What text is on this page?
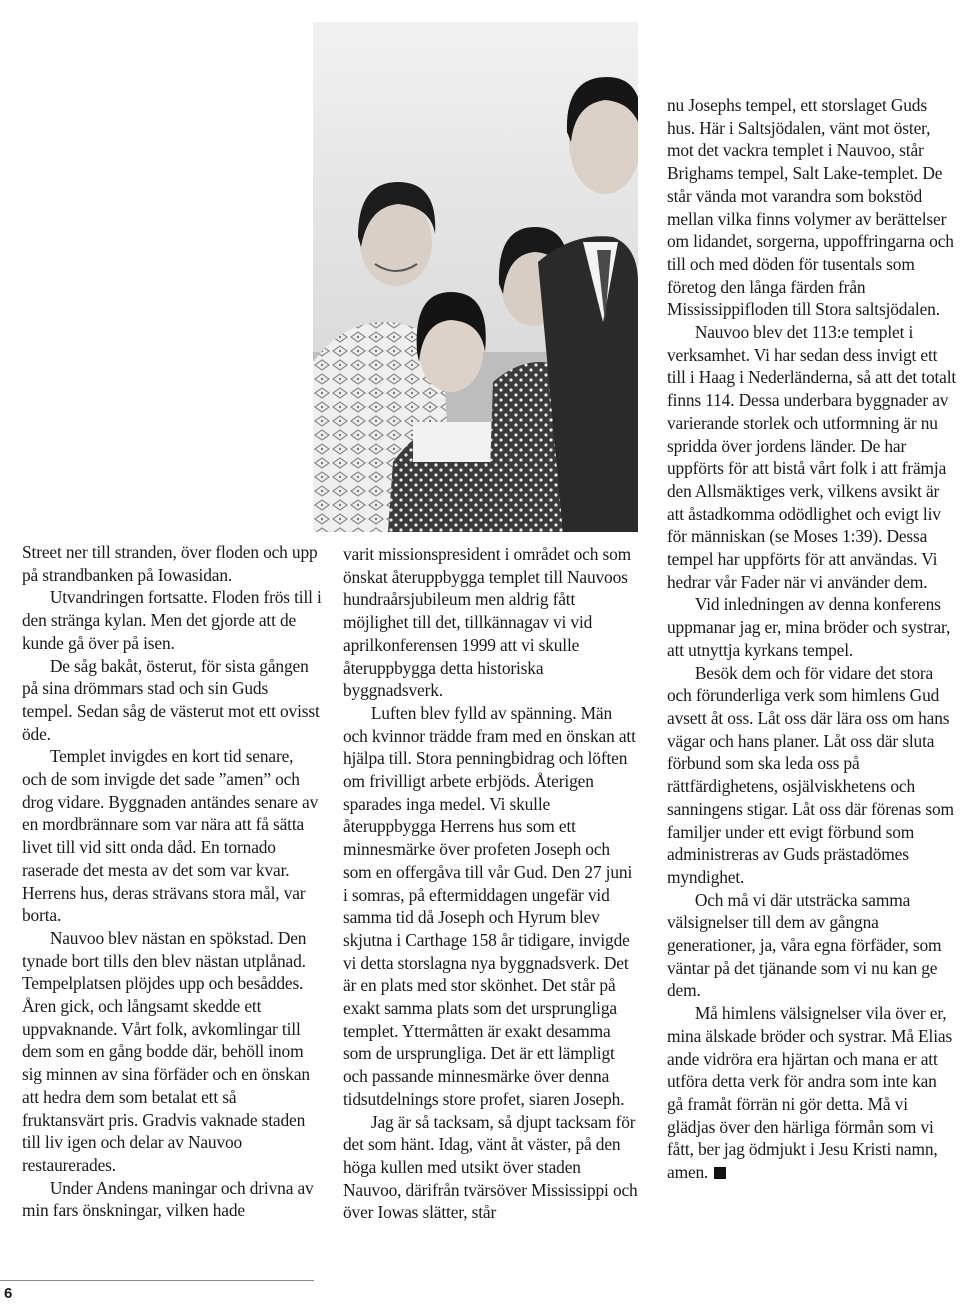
Street ner till stranden, över floden och upp på strandbanken på Iowasidan.

Utvandringen fortsatte. Floden frös till i den stränga kylan. Men det gjorde att de kunde gå över på isen.

De såg bakåt, österut, för sista gången på sina drömmars stad och sin Guds tempel. Sedan såg de västerut mot ett ovisst öde.

Templet invigdes en kort tid senare, och de som invigde det sade ”amen” och drog vidare. Byggnaden antändes senare av en mordbrännare som var nära att få sätta livet till vid sitt onda dåd. En tornado raserade det mesta av det som var kvar. Herrens hus, deras strävans stora mål, var borta.

Nauvoo blev nästan en spökstad. Den tynade bort tills den blev nästan utplånad. Tempelplatsen plöjdes upp och besåddes. Åren gick, och långsamt skedde ett uppvaknande. Vårt folk, avkomlingar till dem som en gång bodde där, behöll inom sig minnen av sina förfäder och en önskan att hedra dem som betalat ett så fruktansvärt pris. Gradvis vaknade staden till liv igen och delar av Nauvoo restaurerades.

Under Andens maningar och drivna av min fars önskningar, vilken hade

varit missionspresident i området och som önskat återuppbygga templet till Nauvoos hundraårsjubileum men aldrig fått möjlighet till det, tillkännagav vi vid aprilkonferensen 1999 att vi skulle återuppbygga detta historiska byggnadsverk.

Luften blev fylld av spänning. Män och kvinnor trädde fram med en önskan att hjälpa till. Stora penningbidrag och löften om frivilligt arbete erbjöds. Återigen sparades inga medel. Vi skulle återuppbygga Herrens hus som ett minnesmärke över profeten Joseph och som en offergåva till vår Gud. Den 27 juni i somras, på eftermiddagen ungefär vid samma tid då Joseph och Hyrum blev skjutna i Carthage 158 år tidigare, invigde vi detta storslagna nya byggnadsverk. Det är en plats med stor skönhet. Det står på exakt samma plats som det ursprungliga templet. Yttermåtten är exakt desamma som de ursprungliga. Det är ett lämpligt och passande minnesmärke över denna tidsutdelnings store profet, siaren Joseph.

Jag är så tacksam, så djupt tacksam för det som hänt. Idag, vänt åt väster, på den höga kullen med utsikt över staden Nauvoo, därifrån tvärsöver Mississippi och över Iowas slätter, står

nu Josephs tempel, ett storslaget Guds hus. Här i Saltsjödalen, vänt mot öster, mot det vackra templet i Nauvoo, står Brighams tempel, Salt Lake-templet. De står vända mot varandra som bokstöd mellan vilka finns volymer av berättelser om lidandet, sorgerna, uppoffringarna och till och med döden för tusentals som företog den långa färden från Mississippifloden till Stora saltsjödalen.

Nauvoo blev det 113:e templet i verksamhet. Vi har sedan dess invigt ett till i Haag i Nederländerna, så att det totalt finns 114. Dessa underbara byggnader av varierande storlek och utformning är nu spridda över jordens länder. De har uppförts för att bistå vårt folk i att främja den Allsmäktiges verk, vilkens avsikt är att åstadkomma odödlighet och evigt liv för människan (se Moses 1:39). Dessa tempel har uppförts för att användas. Vi hedrar vår Fader när vi använder dem.

Vid inledningen av denna konferens uppmanar jag er, mina bröder och systrar, att utnyttja kyrkans tempel.

Besök dem och för vidare det stora och förunderliga verk som himlens Gud avsett åt oss. Låt oss där lära oss om hans vägar och hans planer. Låt oss där sluta förbund som ska leda oss på rättfärdighetens, osjälviskhetens och sanningens stigar. Låt oss där förenas som familjer under ett evigt förbund som administreras av Guds prästadömes myndighet.

Och må vi där utsträcka samma välsignelser till dem av gångna generationer, ja, våra egna förfäder, som väntar på det tjänande som vi nu kan ge dem.

Må himlens välsignelser vila över er, mina älskade bröder och systrar. Må Elias ande vidröra era hjärtan och mana er att utföra detta verk för andra som inte kan gå framåt förrän ni gör detta. Må vi glädjas över den härliga förmån som vi fått, ber jag ödmjukt i Jesu Kristi namn, amen.

6
